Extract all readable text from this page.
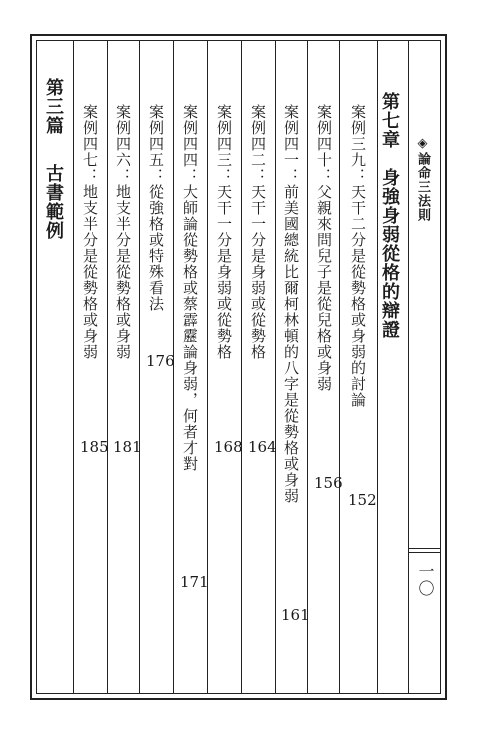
◈論命三法則
一〇
第七章
身強身弱從格的辯證
案例三九：天干二分是從勢格或身弱的討論
152
案例四十：父親來問兒子是從兒格或身弱
156
案例四一：前美國總統比爾柯林頓的八字是從勢格或身弱
161
案例四二：天干一分是身弱或從勢格
164
案例四三：天干一分是身弱或從勢格
168
案例四四：大師論從勢格或蔡霹靂論身弱，何者才對
171
案例四五：從強格或特殊看法
176
案例四六：地支半分是從勢格或身弱
181
案例四七：地支半分是從勢格或身弱
185
第三篇
古書範例
